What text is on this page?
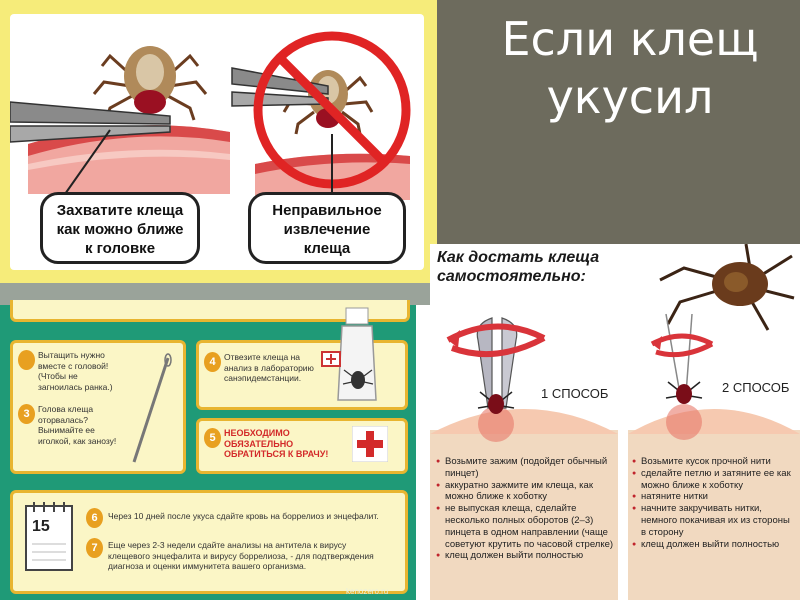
Если клещ укусил
Захватите клеща как можно ближе к головке
Неправильное извлечение клеща
Вытащить нужно вместе с головой! (Чтобы не загноилась ранка.)
3 Голова клеща оторвалась? Вынимайте ее иголкой, как занозу!
4 Отвезите клеща на анализ в лабораторию санэпидемстанции.
5 НЕОБХОДИМО ОБЯЗАТЕЛЬНО ОБРАТИТЬСЯ К ВРАЧУ!
15	6	Через 10 дней после укуса сдайте кровь на боррелиоз и энцефалит.
7	Еще через 2-3 недели сдайте анализы на антитела к вирусу клещевого энцефалита и вирусу боррелиоза, - для подтверждения диагноза и оценки иммунитета вашего организма.
kenozero.ru
Как достать клеща самостоятельно:
1 СПОСОБ	2 СПОСОБ
● Возьмите зажим (подойдет обычный пинцет)
● аккуратно зажмите им клеща, как можно ближе к хоботку
● не выпуская клеща, сделайте несколько полных оборотов (2–3) пинцета в одном направлении (чаще советуют крутить по часовой стрелке)
● клещ должен выйти полностью
● Возьмите кусок прочной нити
● сделайте петлю и затяните ее как можно ближе к хоботку
● натяните нитки
● начните закручивать нитки, немного покачивая их из стороны в сторону
● клещ должен выйти полностью
